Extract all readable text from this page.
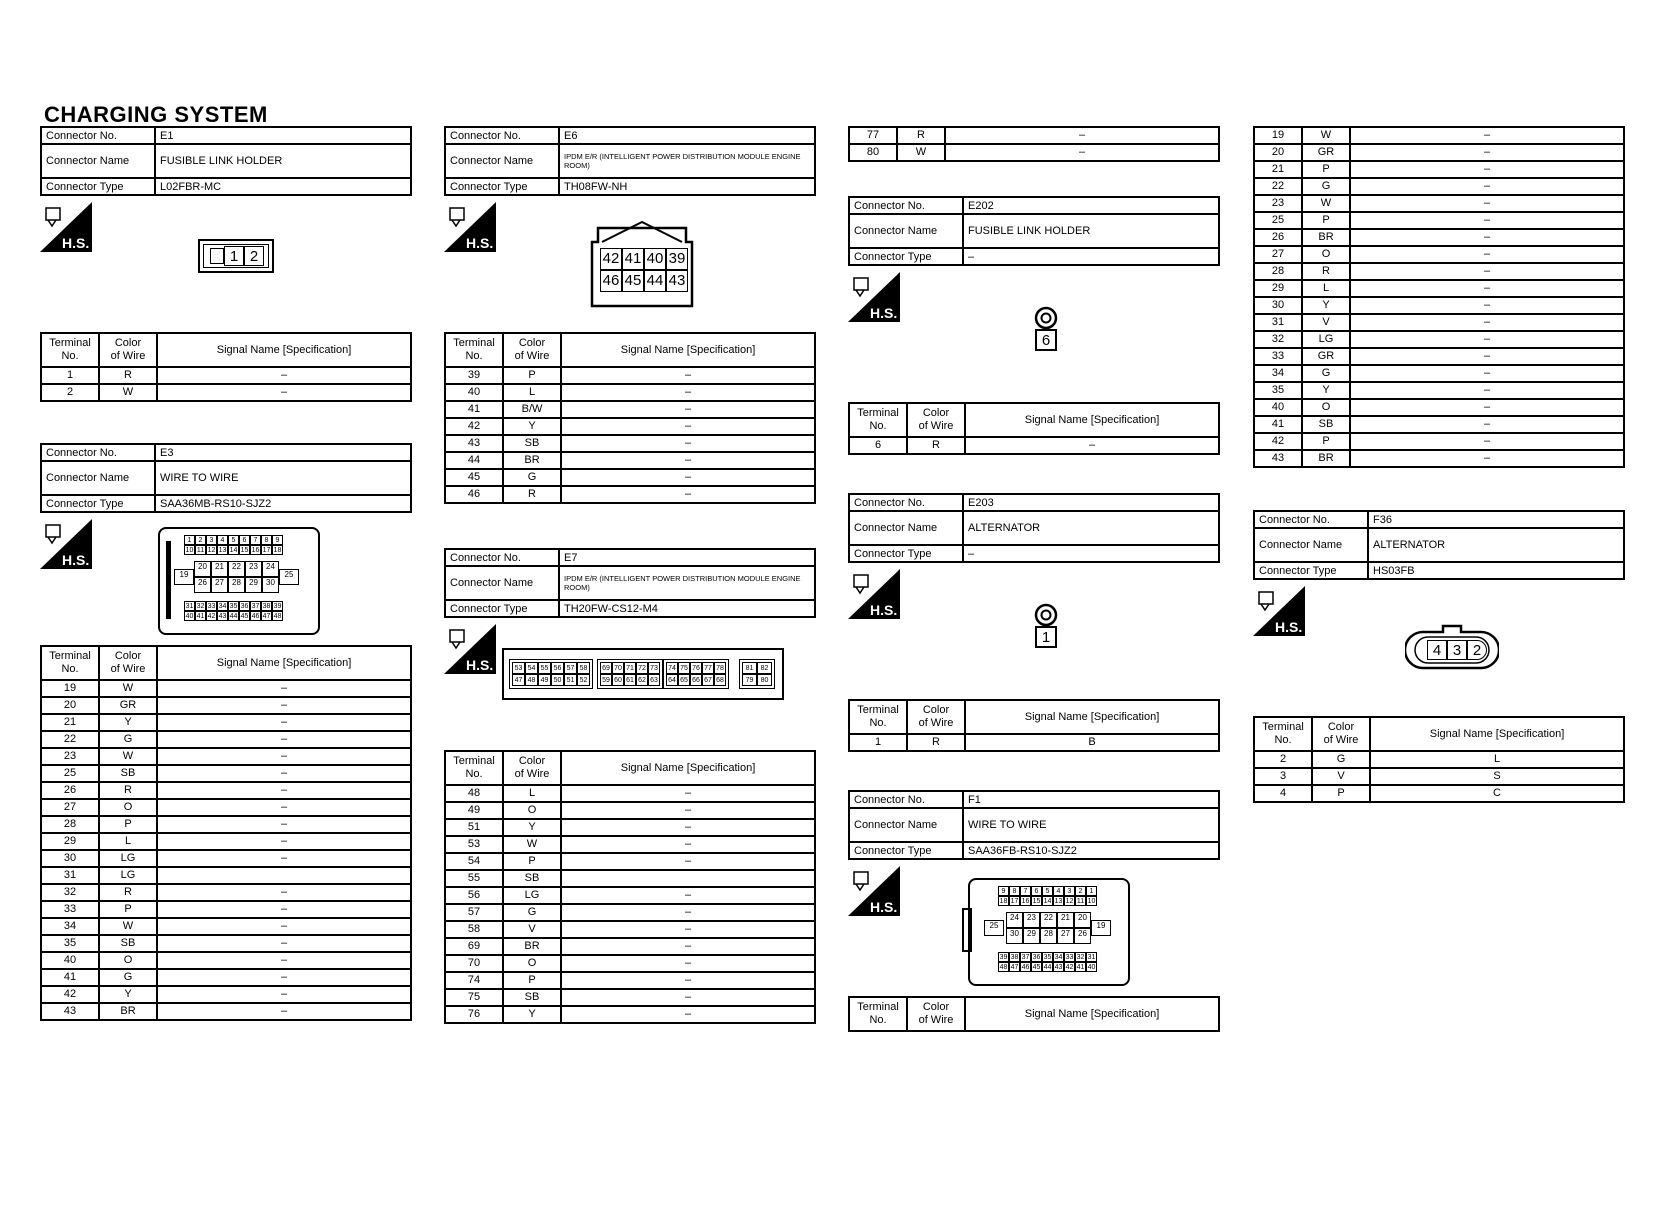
CHARGING SYSTEM
Connector No.	E1
Connector Name	FUSIBLE LINK HOLDER
Connector Type	L02FBR-MC
H.S.
1 2
Terminal
No.	Color
of Wire	Signal Name [Specification]
1	R	–
2	W	–
Connector No.	E3
Connector Name	WIRE TO WIRE
Connector Type	SAA36MB-RS10-SJZ2
H.S.
1
10
2
11
3
12
4
13
5
14
6
15
7
16
8
17
9
18
20
26
21
27
22
28
23
29
24
30
19	25
31
40
32
41
33
42
34
43
35
44
36
45
37
46
38
47
39
48
Terminal
No.	Color
of Wire	Signal Name [Specification]
19	W	–
20	GR	–
21	Y	–
22	G	–
23	W	–
25	SB	–
26	R	–
27	O	–
28	P	–
29	L	–
30	LG	–
31	LG	
32	R	–
33	P	–
34	W	–
35	SB	–
40	O	–
41	G	–
42	Y	–
43	BR	–
Connector No.	E6
Connector Name	IPDM E/R (INTELLIGENT POWER DISTRIBUTION MODULE ENGINE ROOM)
Connector Type	TH08FW-NH
H.S.
42 41 40 39
46 45 44 43
Terminal
No.	Color
of Wire	Signal Name [Specification]
39	P	–
40	L	–
41	B/W	–
42	Y	–
43	SB	–
44	BR	–
45	G	–
46	R	–
Connector No.	E7
Connector Name	IPDM E/R (INTELLIGENT POWER DISTRIBUTION MODULE ENGINE ROOM)
Connector Type	TH20FW-CS12-M4
H.S.	53
47
54
48
55
49
56
50
57
51
58
52
69
59
70
60
71
61
72
62
73
63
74
64
75
65
76
66
77
67
78
68
81
79
82
80
Terminal
No.	Color
of Wire	Signal Name [Specification]
48	L	–
49	O	–
51	Y	–
53	W	–
54	P	–
55	SB	
56	LG	–
57	G	–
58	V	–
69	BR	–
70	O	–
74	P	–
75	SB	–
76	Y	–
77	R	–
80	W	–
Connector No.	E202
Connector Name	FUSIBLE LINK HOLDER
Connector Type	–
H.S.
6
Terminal
No.	Color
of Wire	Signal Name [Specification]
6	R	–
Connector No.	E203
Connector Name	ALTERNATOR
Connector Type	–
H.S.
1
Terminal
No.	Color
of Wire	Signal Name [Specification]
1	R	B
Connector No.	F1
Connector Name	WIRE TO WIRE
Connector Type	SAA36FB-RS10-SJZ2
H.S.
9
18
8
17
7
16
6
15
5
14
4
13
3
12
2
11
1
10
24
30
23
29
22
28
21
27
20
26
25	19
39
48
38
47
37
46
36
45
35
44
34
43
33
42
32
41
31
40
Terminal
No.	Color
of Wire	Signal Name [Specification]
19	W	–
20	GR	–
21	P	–
22	G	–
23	W	–
25	P	–
26	BR	–
27	O	–
28	R	–
29	L	–
30	Y	–
31	V	–
32	LG	–
33	GR	–
34	G	–
35	Y	–
40	O	–
41	SB	–
42	P	–
43	BR	–
Connector No.	F36
Connector Name	ALTERNATOR
Connector Type	HS03FB
H.S.
4 3 2
Terminal
No.	Color
of Wire	Signal Name [Specification]
2	G	L
3	V	S
4	P	C
